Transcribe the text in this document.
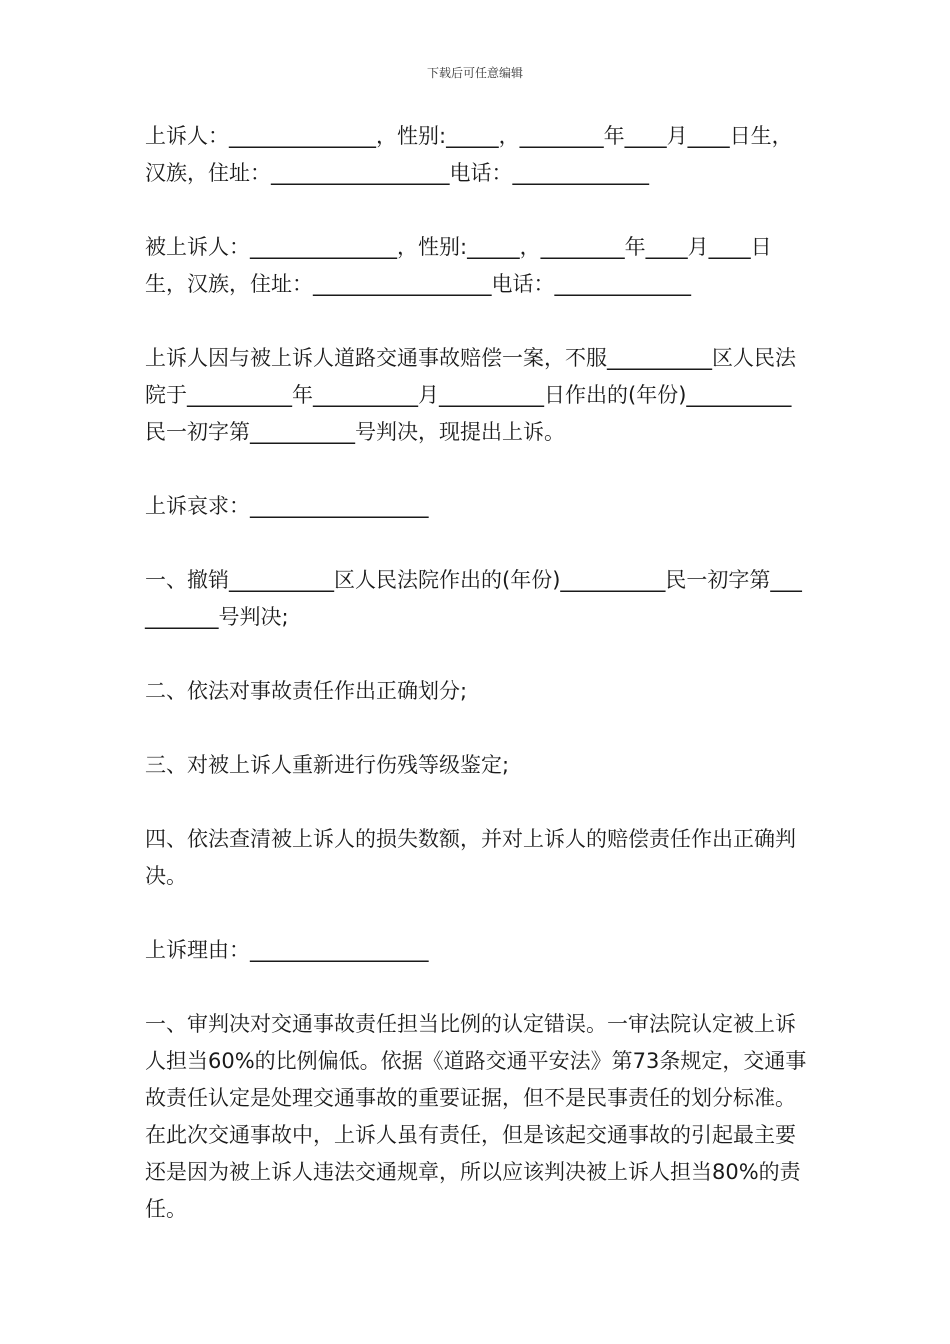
下载后可任意编辑

上诉人：______________，性别:_____，________年____月____日生，汉族，住址：_________________电话：_____________

被上诉人：______________，性别:_____，________年____月____日生，汉族，住址：_________________电话：_____________

上诉人因与被上诉人道路交通事故赔偿一案，不服__________区人民法院于__________年__________月__________日作出的(年份)__________民一初字第__________号判决，现提出上诉。

上诉哀求：_________________

一、撤销__________区人民法院作出的(年份)__________民一初字第__________号判决;

二、依法对事故责任作出正确划分;

三、对被上诉人重新进行伤残等级鉴定;

四、依法查清被上诉人的损失数额，并对上诉人的赔偿责任作出正确判决。

上诉理由：_________________

一、审判决对交通事故责任担当比例的认定错误。一审法院认定被上诉人担当60%的比例偏低。依据《道路交通平安法》第73条规定，交通事故责任认定是处理交通事故的重要证据，但不是民事责任的划分标准。在此次交通事故中，上诉人虽有责任，但是该起交通事故的引起最主要还是因为被上诉人违法交通规章，所以应该判决被上诉人担当80%的责任。
